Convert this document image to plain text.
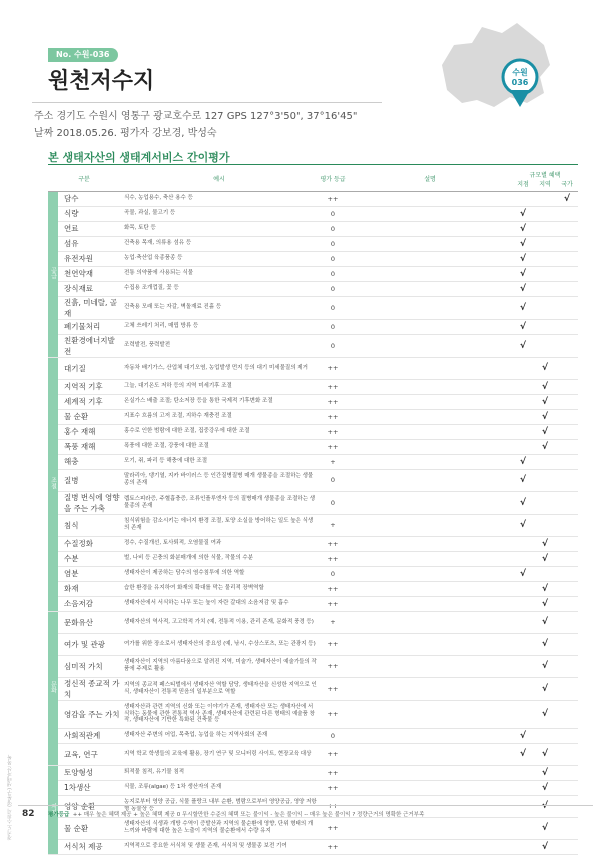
경기도 수원시 (영통구) 생태자산 목록
No. 수원-036
원천저수지	수원
036
주소 경기도 수원시 영통구 광교호수로 127 GPS 127°3'50", 37°16'45"
날짜 2018.05.26. 평가자 강보경, 박성숙
본 생태자산의 생태계서비스 간이평가
구분		예시	평가 등급	설명	규모별 혜택
지점 지역 국가		

공급	담수	식수, 농업용수, 축산 용수 등	++				√
	식량	곡물, 과실, 물고기 등	0		√		
	연료	화목, 토탄 등	0		√		
	섬유	건축용 목재, 의류용 섬유 등	0		√		
	유전자원	농업·축산업 육종품종 등	0		√		
	천연약재	전통 의약품에 사용되는 식물	0		√		
	장식재료	수집용 조개껍질, 꽃 등	0		√		
	진흙, 미네랄, 골재	건축용 모래 또는 자갈, 벽돌재료 진흙 등	0		√		
	폐기물처리	고체 쓰레기 처리, 매립 방류 등	0		√		
	친환경에너지발전	조력발전, 풍력발전	0		√		
조절	대기질	자동차 배기가스, 산업체 대기오염, 농업발생 먼지 등의 대기 미세물질의 제거	++			√	
	지역적 기후	그늘, 대기온도 저하 등의 지역 미세기후 조절	++			√	
	세계적 기후	온실가스 배출 조절; 탄소저장 등을 통한 국제적 기후변화 조절	++			√	
	물 순환	지표수 흐름의 고저 조절, 지하수 재충전 조절	++			√	
	홍수 재해	홍수로 인한 범람에 대한 조절, 집중강우에 대한 조절	++			√	
	폭풍 재해	폭풍에 대한 조절, 강풍에 대한 조절	++			√	
	해충	모기, 쥐, 파리 등 해충에 대한 조절	+		√		
	질병	말라리아, 댕기열, 지카 바이러스 등 인간질병질병 매개 생물종을 조절하는 생물종의 존재	0		√		
	질병 번식에 영향을 주는 가축	렙토스피라증, 주혈흡충증, 조류인플루엔자 등의 질병매개 생물종을 조절하는 생물종의 존재	0		√		
	침식	침식위험을 감소시키는 에너지 환경 조절, 토양 소실을 방어하는 일도 높은 식생의 존재	+		√		
	수질정화	정수, 수질개선, 토사퇴적, 오염물질 여과	++			√	
	수분	벌, 나비 등 곤충의 화분매개에 의한 식물, 작물의 수분	++			√	
	염분	생태자산이 제공하는 담수의 염수침투에 의한 역할	0		√		
	화재	습한 환경을 유지하여 화재의 확대를 막는 물리적 장벽역할	++			√	
	소음저감	생태자산에서 서식하는 나무 또는 높이 자란 갈대의 소음저감 및 흡수	++			√	
문화	문화유산	생태자산의 역사적, 고고학적 가치 (예, 전통적 이용, 관리 존재, 문화적 풍경 등)	+			√	
	여가 및 관광	여가를 위한 장소로서 생태자산의 중요성 (예, 낚시, 수상스포츠, 또는 관광지 등)	++			√	
	심미적 가치	생태자산이 지역의 아름다움으로 알려진 지역, 미술가, 생태자산이 예술가들의 작품에 주제로 활용	++			√	
	정신적 종교적 가치	지역의 종교적 페스티벌에서 생태자산 역할 담당, 생태자산을 신성한 지역으로 인식, 생태자산이 전통적 믿음의 일부분으로 역할	++			√	
	영감을 주는 가치	생태자산과 관련 지역의 신화 또는 이야기가 존재, 생태자산 또는 생태자산에 서식하는 동물에 관한 전통적 역사 존재, 생태자산에 관련된 다른 형태의 예술품 창작, 생태자산에 기반한 특화된 건축물 등	++			√	
	사회적관계	생태자산 주변의 어업, 목축업, 농업을 하는 지역사회의 존재	0		√		
	교육, 연구	지역 학교 학생들의 교육에 활용, 장기 연구 및 모니터링 사이트, 현장교육 대상	++		√	√	
지지	토양형성	퇴적물 침적, 유기물 침적	++			√	
	1차생산	식물, 조류(algae) 등 1차 생산자의 존재	++			√	
	영양 순환	농지로부터 영양 공급, 식물 플랑크 내부 순환, 범람으로부터 영양공급, 영양 저항형 동물상 등	++			√	
	물 순환	생태자산의 식생과 개방 수역이 증발산과 지역의 물순환에 영향, 단위 형태의 개느끼와 바람에 대한 높은 노출이 지역의 물순환에서 수량 유지	++			√	
	서식처 제공	지역적으로 중요한 서식처 및 생물 존재, 서식처 및 생물종 보전 기여	++			√	
82 평가등급 ++ 매우 높은 혜택 제공 + 높은 혜택 제공 0 무시할만한 수준의 혜택 또는 불이익 - 높은 불이익 -- 매우 높은 불이익 ? 정량근거의 명확한 근거부족
